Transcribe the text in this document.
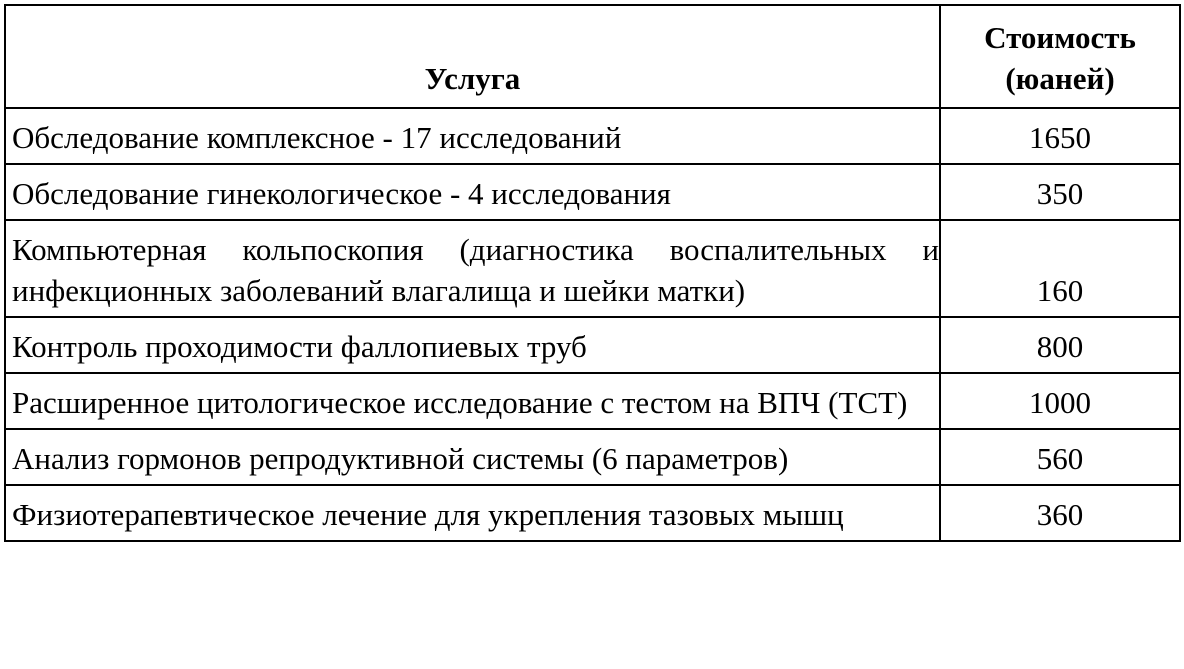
Услуга	Стоимость (юаней)
Обследование комплексное - 17 исследований	1650
Обследование гинекологическое - 4 исследования	350
Компьютерная кольпоскопия (диагностика воспалительных и инфекционных заболеваний влагалища и шейки матки)	160
Контроль проходимости фаллопиевых труб	800
Расширенное цитологическое исследование с тестом на ВПЧ (ТСТ)	1000
Анализ гормонов репродуктивной системы (6 параметров)	560
Физиотерапевтическое лечение для укрепления тазовых мышц	360
